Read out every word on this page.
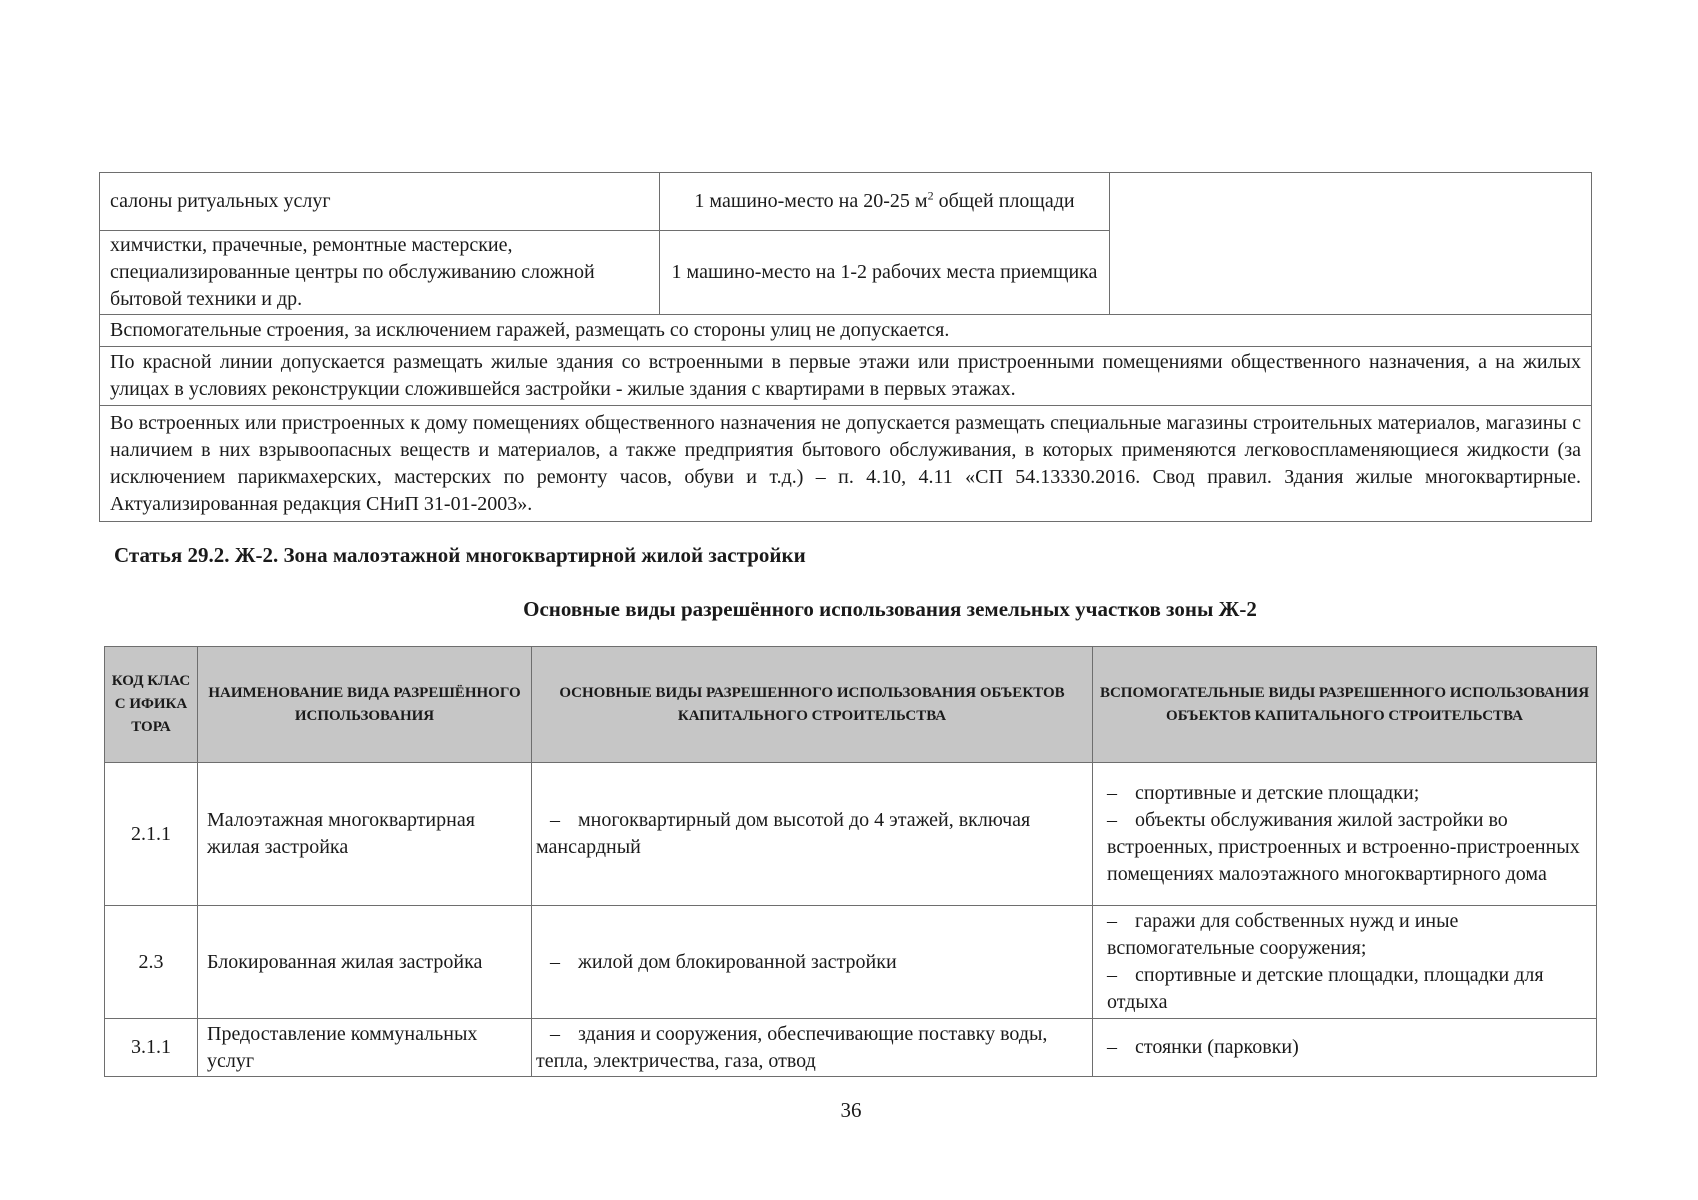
салоны ритуальных услуг	1 машино-место на 20-25 $м^2$ общей площади	
химчистки, прачечные, ремонтные мастерские, специализированные центры по обслуживанию сложной бытовой техники и др.	1 машино-место на 1-2 рабочих места приемщика	
Вспомогательные строения, за исключением гаражей, размещать со стороны улиц не допускается.		
По красной линии допускается размещать жилые здания со встроенными в первые этажи или пристроенными помещениями общественного назначения, а на жилых улицах в условиях реконструкции сложившейся застройки - жилые здания с квартирами в первых этажах.		
Во встроенных или пристроенных к дому помещениях общественного назначения не допускается размещать специальные магазины строительных материалов, магазины с наличием в них взрывоопасных веществ и материалов, а также предприятия бытового обслуживания, в которых применяются легковоспламеняющиеся жидкости (за исключением парикмахерских, мастерских по ремонту часов, обуви и т.д.) – п. 4.10, 4.11 «СП 54.13330.2016. Свод правил. Здания жилые многоквартирные. Актуализированная редакция СНиП 31-01-2003».		
Статья 29.2. Ж-2. Зона малоэтажной многоквартирной жилой застройки
Основные виды разрешённого использования земельных участков зоны Ж-2
КОД КЛАСС ИФИКАТОРА	НАИМЕНОВАНИЕ ВИДА РАЗРЕШЁННОГО ИСПОЛЬЗОВАНИЯ	ОСНОВНЫЕ ВИДЫ РАЗРЕШЕННОГО ИСПОЛЬЗОВАНИЯ ОБЪЕКТОВ КАПИТАЛЬНОГО СТРОИТЕЛЬСТВА	ВСПОМОГАТЕЛЬНЫЕ ВИДЫ РАЗРЕШЕННОГО ИСПОЛЬЗОВАНИЯ ОБЪЕКТОВ КАПИТАЛЬНОГО СТРОИТЕЛЬСТВА
2.1.1	Малоэтажная многоквартирная жилая застройка	– многоквартирный дом высотой до 4 этажей, включая мансардный	– спортивные и детские площадки;
– объекты обслуживания жилой застройки во встроенных, пристроенных и встроенно-пристроенных помещениях малоэтажного многоквартирного дома

2.3	Блокированная жилая застройка	– жилой дом блокированной застройки	– гаражи для собственных нужд и иные вспомогательные сооружения;
– спортивные и детские площадки, площадки для отдыха

3.1.1	Предоставление коммунальных услуг	– здания и сооружения, обеспечивающие поставку воды, тепла, электричества, газа, отвод	– стоянки (парковки)
36
